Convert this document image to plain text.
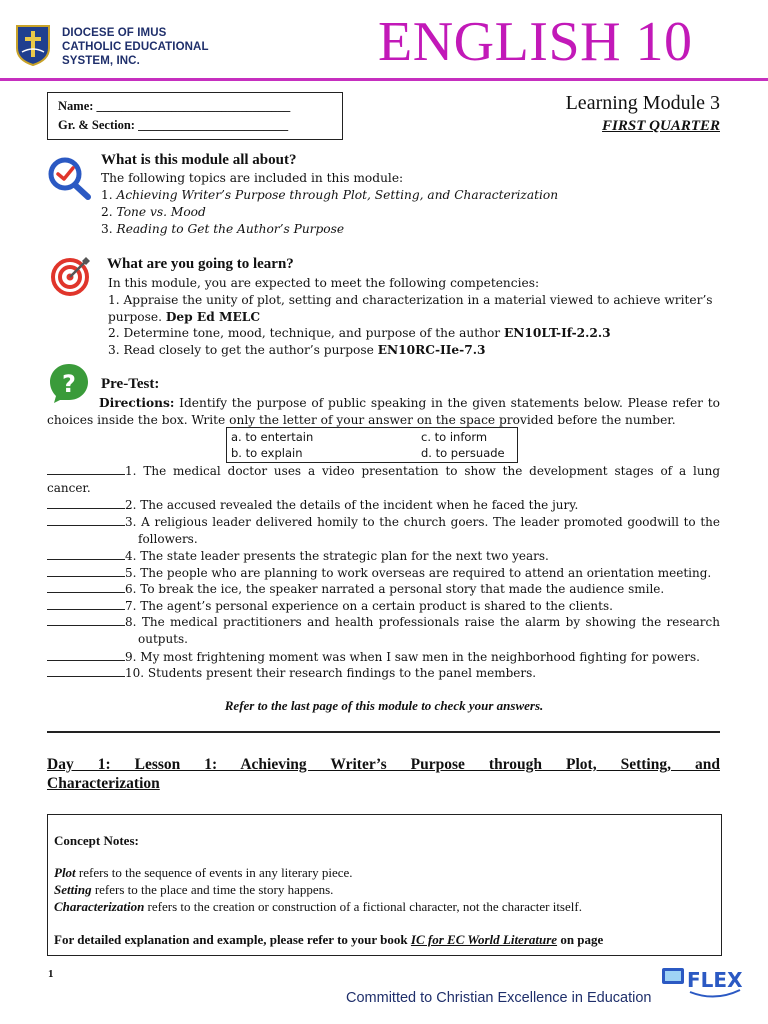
DIOCESE OF IMUS
CATHOLIC EDUCATIONAL
SYSTEM, INC.	ENGLISH 10
Name: _______________________________
Gr. & Section: ________________________
Learning Module 3
FIRST QUARTER
What is this module all about?
The following topics are included in this module:
1. Achieving Writer’s Purpose through Plot, Setting, and Characterization
2. Tone vs. Mood
3. Reading to Get the Author’s Purpose
What are you going to learn?
In this module, you are expected to meet the following competencies:
1. Appraise the unity of plot, setting and characterization in a material viewed to achieve writer’s
purpose. Dep Ed MELC
2. Determine tone, mood, technique, and purpose of the author EN10LT-If-2.2.3
3. Read closely to get the author’s purpose EN10RC-IIe-7.3
? Pre-Test:
Directions: Identify the purpose of public speaking in the given statements below. Please refer to
choices inside the box. Write only the letter of your answer on the space provided before the number.
a. to entertain	c. to inform
b. to explain	d. to persuade
1. The medical doctor uses a video presentation to show the development stages of a lung
cancer.
2. The accused revealed the details of the incident when he faced the jury.
3. A religious leader delivered homily to the church goers. The leader promoted goodwill to the
followers.
4. The state leader presents the strategic plan for the next two years.
5. The people who are planning to work overseas are required to attend an orientation meeting.
6. To break the ice, the speaker narrated a personal story that made the audience smile.
7. The agent’s personal experience on a certain product is shared to the clients.
8. The medical practitioners and health professionals raise the alarm by showing the research
outputs.
9. My most frightening moment was when I saw men in the neighborhood fighting for powers.
10. Students present their research findings to the panel members.
Refer to the last page of this module to check your answers.
Day 1: Lesson 1: Achieving Writer’s Purpose through Plot, Setting, and
Characterization
Concept Notes:
Plot refers to the sequence of events in any literary piece.
Setting refers to the place and time the story happens.
Characterization refers to the creation or construction of a fictional character, not the character itself.
For detailed explanation and example, please refer to your book IC for EC World Literature on page
1
Committed to Christian Excellence in Education
FLEX
